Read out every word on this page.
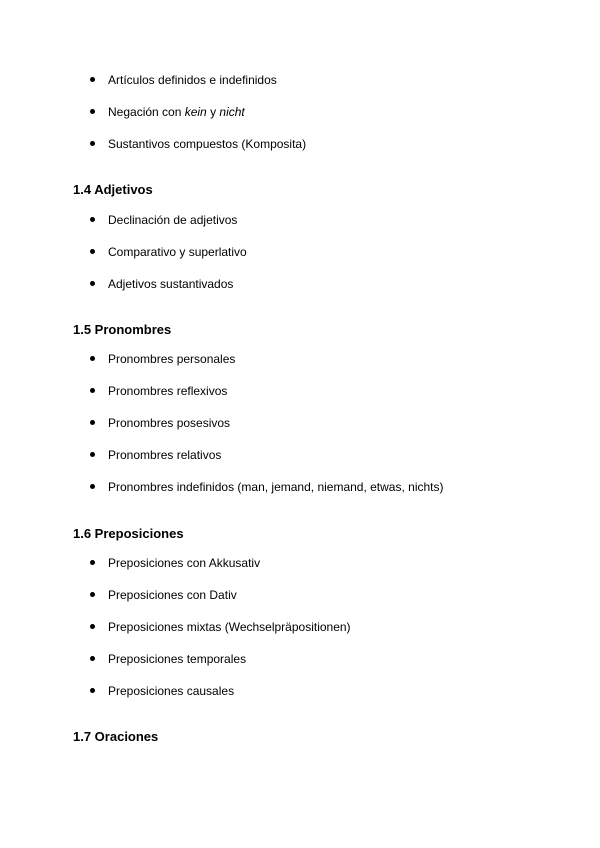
Artículos definidos e indefinidos
Negación con kein y nicht
Sustantivos compuestos (Komposita)
1.4 Adjetivos
Declinación de adjetivos
Comparativo y superlativo
Adjetivos sustantivados
1.5 Pronombres
Pronombres personales
Pronombres reflexivos
Pronombres posesivos
Pronombres relativos
Pronombres indefinidos (man, jemand, niemand, etwas, nichts)
1.6 Preposiciones
Preposiciones con Akkusativ
Preposiciones con Dativ
Preposiciones mixtas (Wechselpräpositionen)
Preposiciones temporales
Preposiciones causales
1.7 Oraciones
